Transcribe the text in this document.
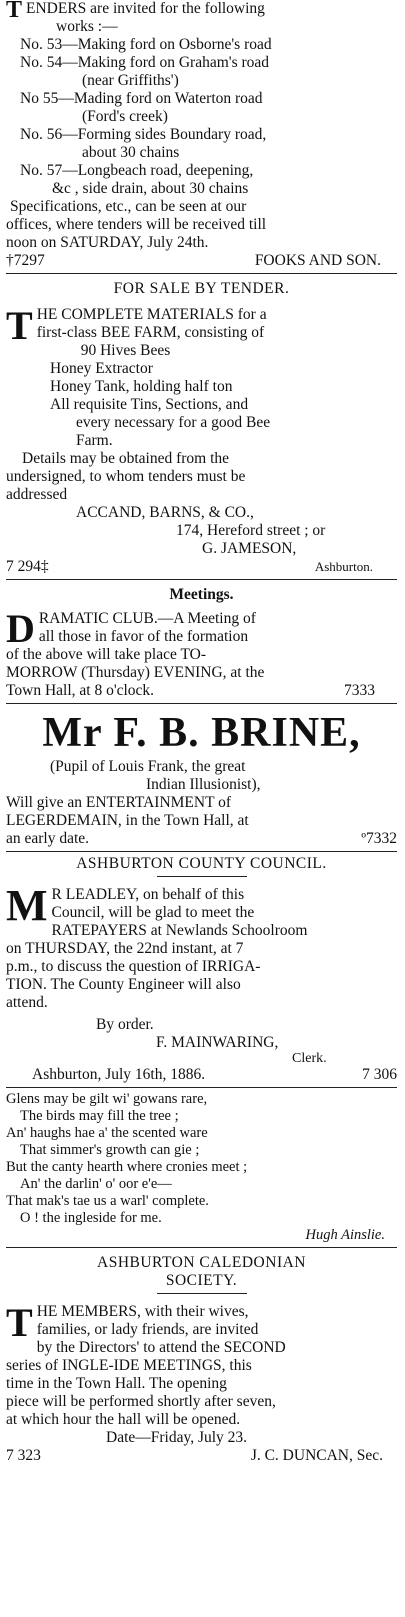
T ENDERS are invited for the following
works :—
No. 53—Making ford on Osborne's road
No. 54—Making ford on Graham's road
(near Griffiths')
No 55—Mading ford on Waterton road
(Ford's creek)
No. 56—Forming sides Boundary road,
about 30 chains
No. 57—Longbeach road, deepening,
&c , side drain, about 30 chains
Specifications, etc., can be seen at our
offices, where tenders will be received till
noon on SATURDAY, July 24th.
†7297	FOOKS AND SON.
FOR SALE BY TENDER.
T HE COMPLETE MATERIALS for a
first-class BEE FARM, consisting of
90 Hives Bees
Honey Extractor
Honey Tank, holding half ton
All requisite Tins, Sections, and
every necessary for a good Bee
Farm.
Details may be obtained from the
undersigned, to whom tenders must be
addressed
ACCAND, BARNS, & CO.,
174, Hereford street ; or
G. JAMESON,
7 294‡	Ashburton.
Meetings.
D RAMATIC CLUB.—A Meeting of
all those in favor of the formation
of the above will take place TO-
MORROW (Thursday) EVENING, at the
Town Hall, at 8 o'clock.	7333
Mr F. B. BRINE,
(Pupil of Louis Frank, the great
Indian Illusionist),
Will give an ENTERTAINMENT of
LEGERDEMAIN, in the Town Hall, at
an early date.	º7332
ASHBURTON COUNTY COUNCIL.
M R LEADLEY, on behalf of this
Council, will be glad to meet the
RATEPAYERS at Newlands Schoolroom
on THURSDAY, the 22nd instant, at 7
p.m., to discuss the question of IRRIGA-
TION. The County Engineer will also
attend.
By order.
F. MAINWARING,
Clerk.
Ashburton, July 16th, 1886.	7 306
Glens may be gilt wi' gowans rare,
The birds may fill the tree ;
An' haughs hae a' the scented ware
That simmer's growth can gie ;
But the canty hearth where cronies meet ;
An' the darlin' o' oor e'e—
That mak's tae us a warl' complete.
O ! the ingleside for me.
Hugh Ainslie.
ASHBURTON CALEDONIAN
SOCIETY.
T HE MEMBERS, with their wives,
families, or lady friends, are invited
by the Directors' to attend the SECOND
series of INGLE-IDE MEETINGS, this
time in the Town Hall. The opening
piece will be performed shortly after seven,
at which hour the hall will be opened.
Date—Friday, July 23.
7 323	J. C. DUNCAN, Sec.
